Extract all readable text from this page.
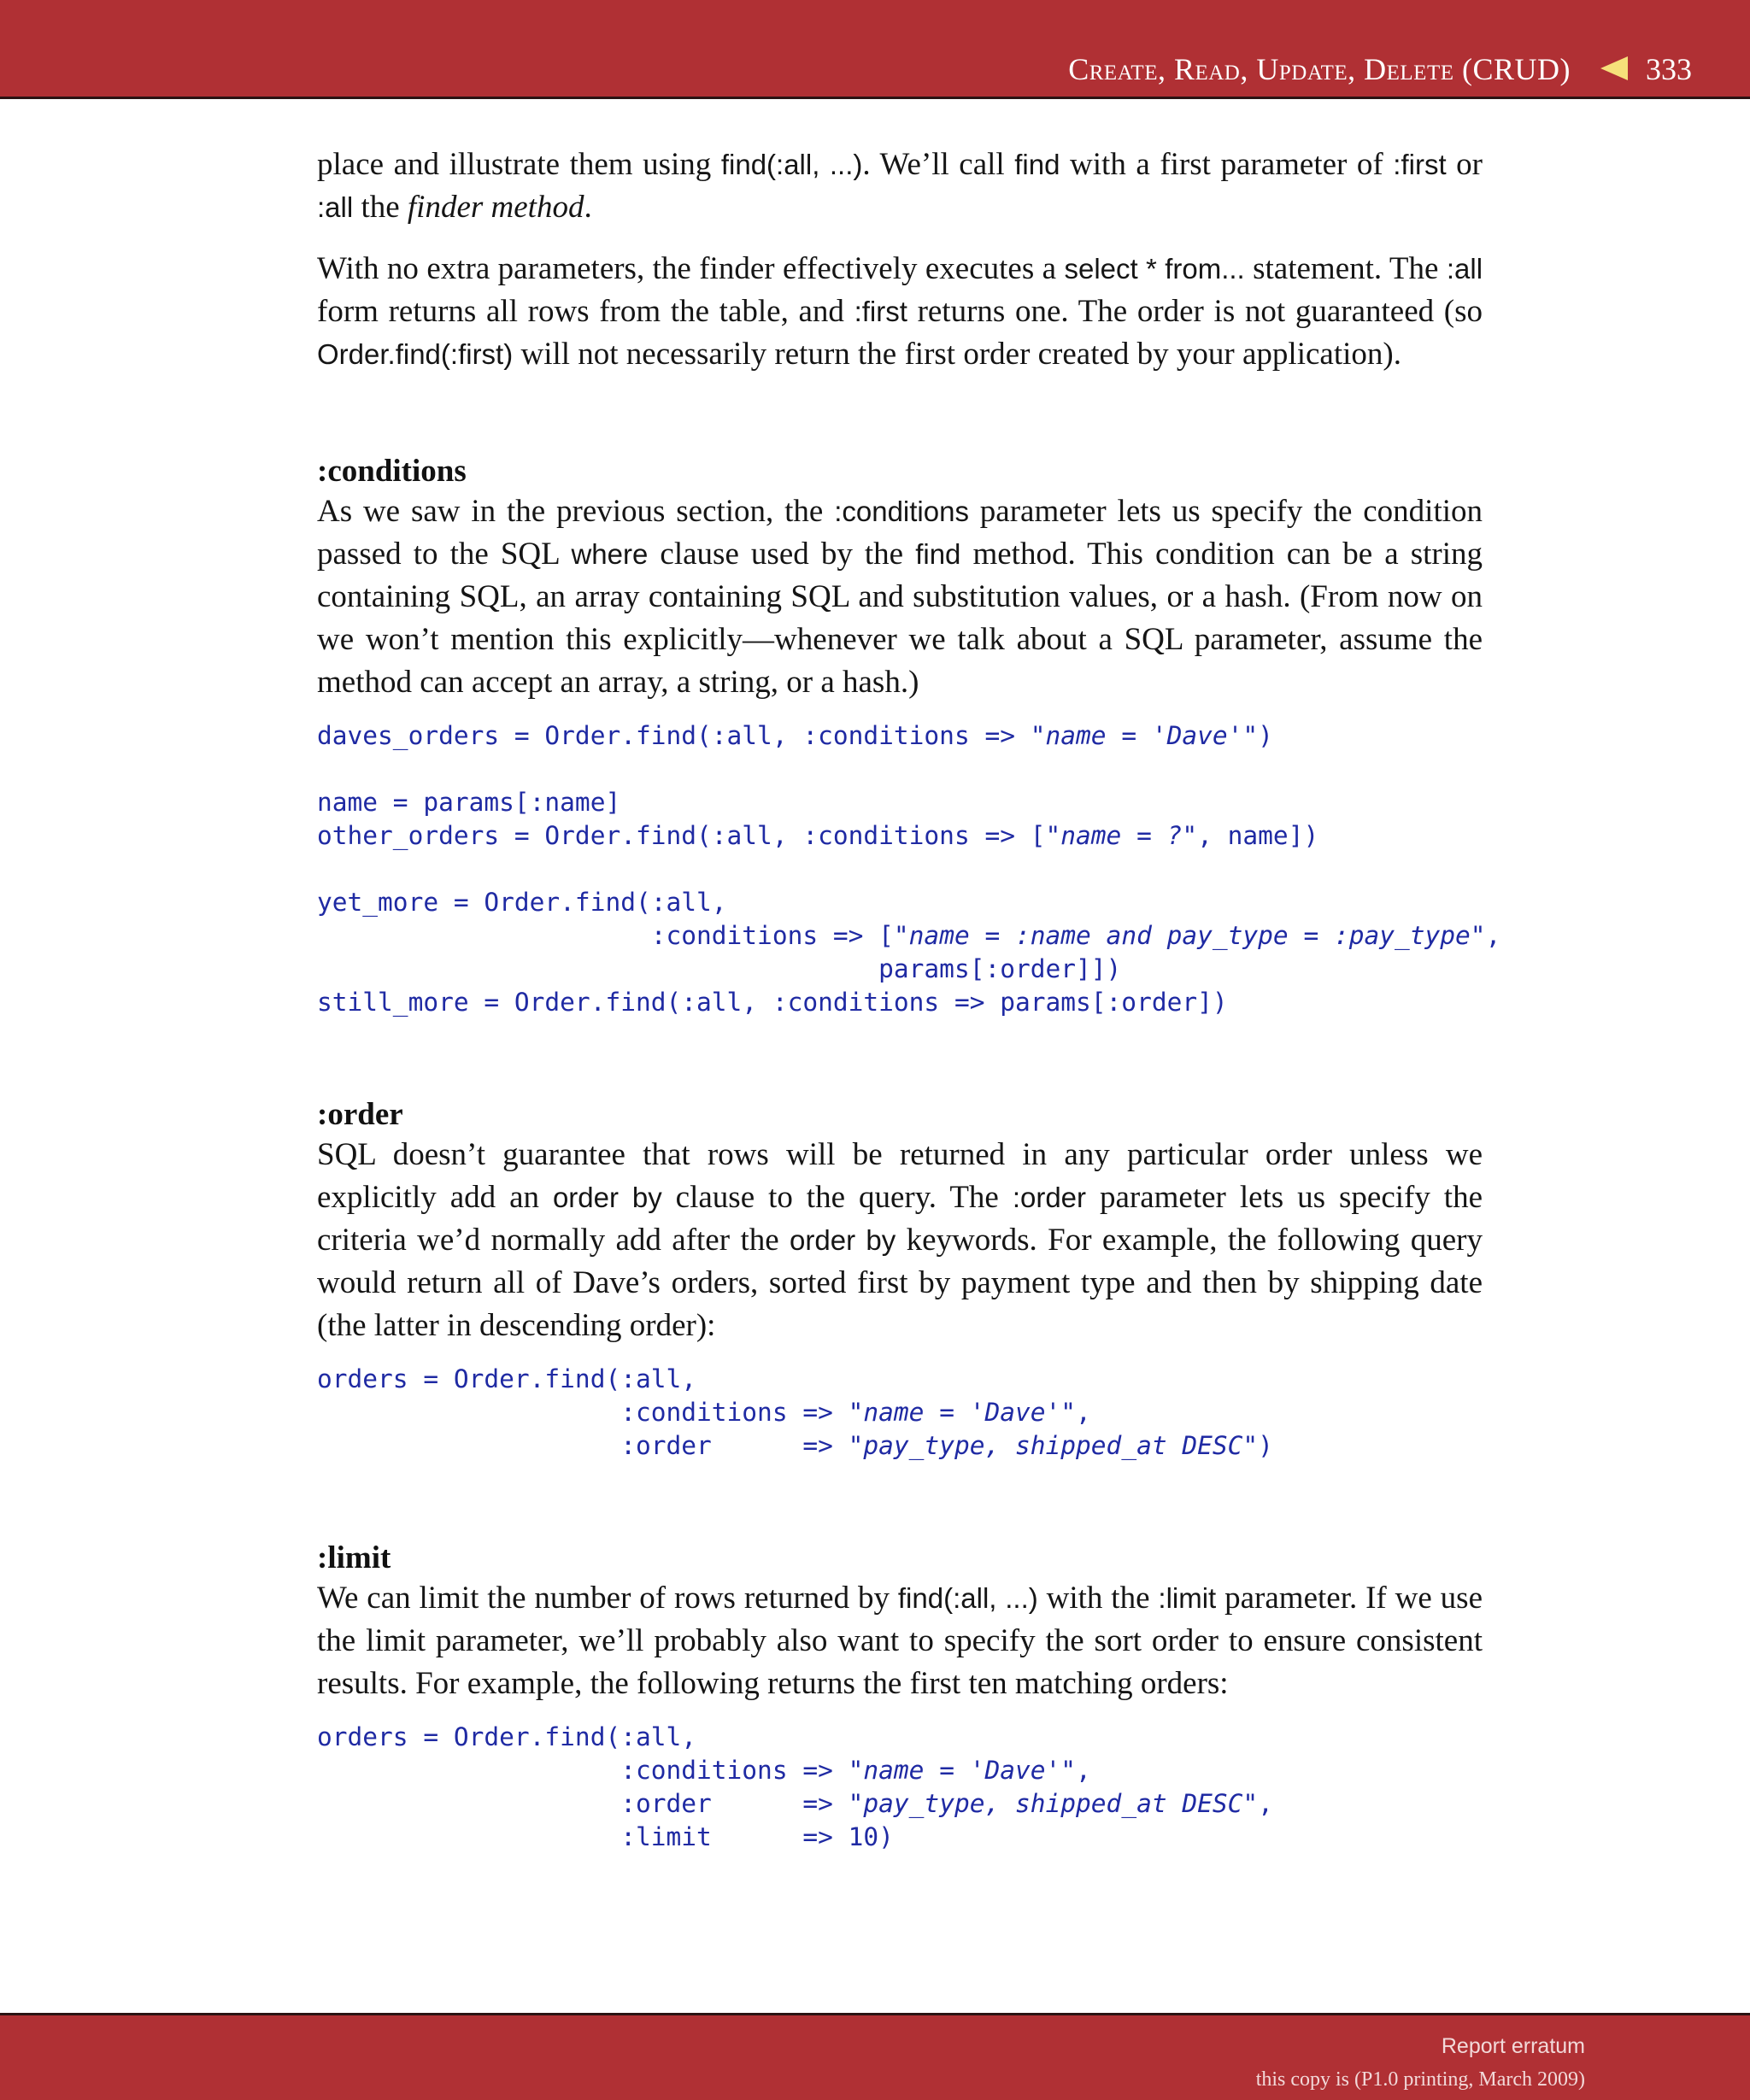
Create, Read, Update, Delete (CRUD) 333

place and illustrate them using find(:all, ...). We’ll call find with a first parameter of :first or :all the finder method.

With no extra parameters, the finder effectively executes a select * from... statement. The :all form returns all rows from the table, and :first returns one. The order is not guaranteed (so Order.find(:first) will not necessarily return the first order created by your application).

:conditions

As we saw in the previous section, the :conditions parameter lets us specify the condition passed to the SQL where clause used by the find method. This condition can be a string containing SQL, an array containing SQL and substitution values, or a hash. (From now on we won’t mention this explicitly—whenever we talk about a SQL parameter, assume the method can accept an array, a string, or a hash.)

daves_orders = Order.find(:all, :conditions => "name = 'Dave'")

name = params[:name]
other_orders = Order.find(:all, :conditions => ["name = ?", name])

yet_more = Order.find(:all,
:conditions => ["name = :name and pay_type = :pay_type",
params[:order]])
still_more = Order.find(:all, :conditions => params[:order])
:order

SQL doesn’t guarantee that rows will be returned in any particular order unless we explicitly add an order by clause to the query. The :order parameter lets us specify the criteria we’d normally add after the order by keywords. For example, the following query would return all of Dave’s orders, sorted first by payment type and then by shipping date (the latter in descending order):

orders = Order.find(:all,
:conditions => "name = 'Dave'",
:order      => "pay_type, shipped_at DESC")
:limit

We can limit the number of rows returned by find(:all, ...) with the :limit parameter. If we use the limit parameter, we’ll probably also want to specify the sort order to ensure consistent results. For example, the following returns the first ten matching orders:

orders = Order.find(:all,
:conditions => "name = 'Dave'",
:order      => "pay_type, shipped_at DESC",
:limit      => 10)
Report erratum
this copy is (P1.0 printing, March 2009)
